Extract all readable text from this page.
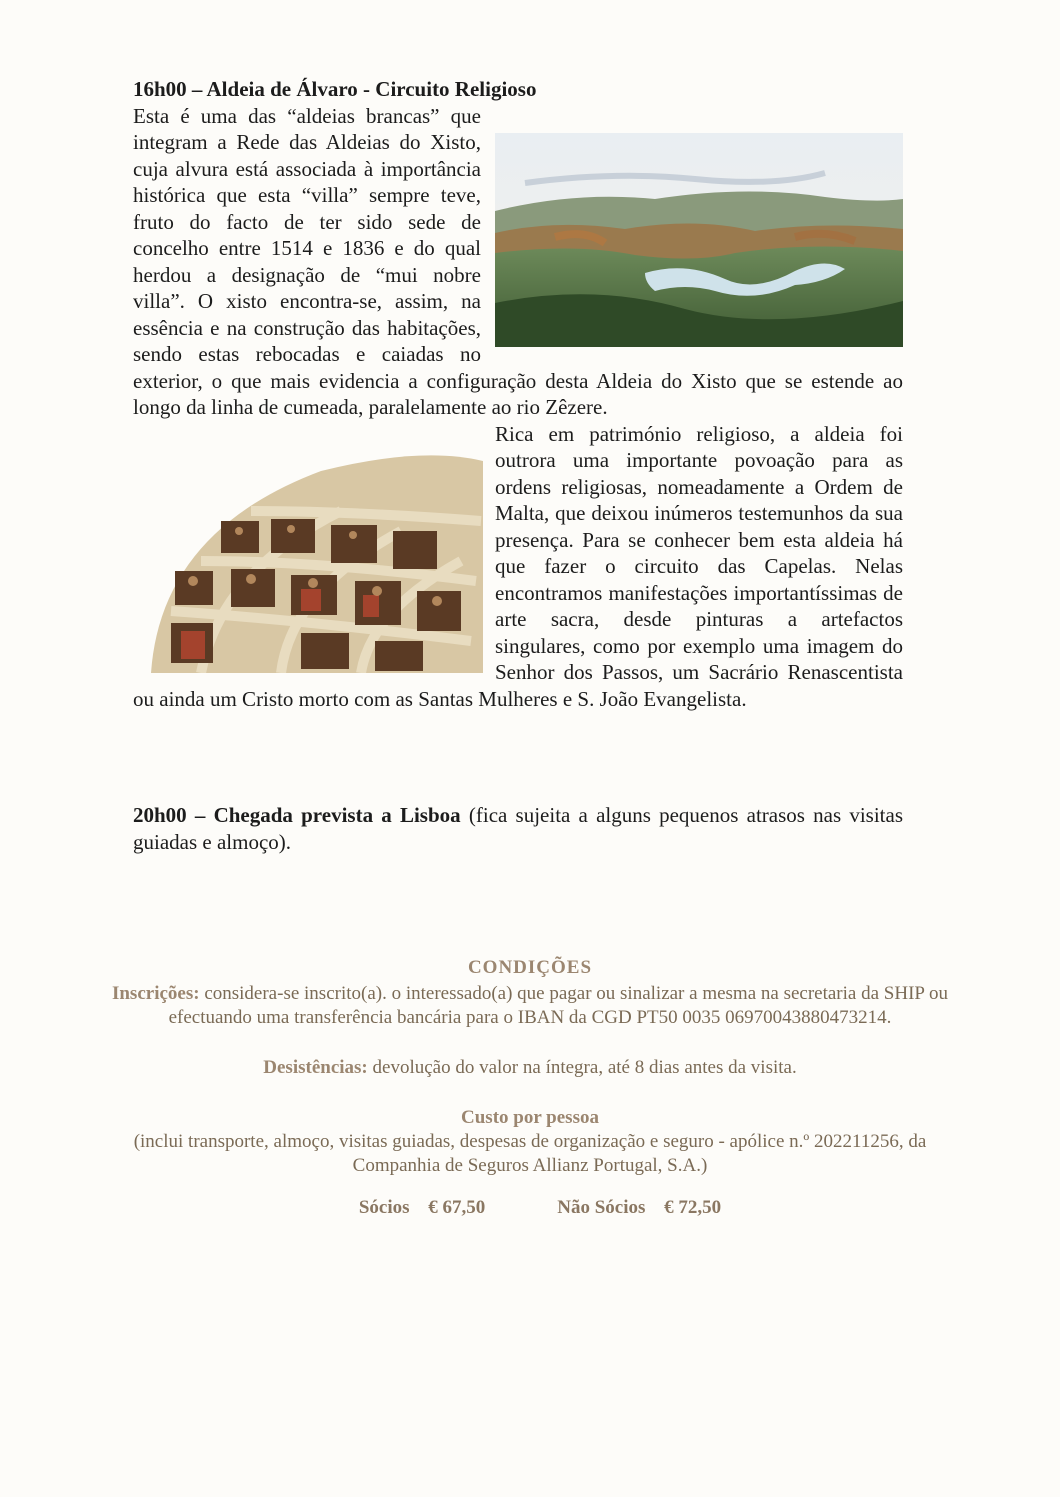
16h00 – Aldeia de Álvaro - Circuito Religioso

Esta é uma das “aldeias brancas” que integram a Rede das Aldeias do Xisto, cuja alvura está associada à importância histórica que esta “villa” sempre teve, fruto do facto de ter sido sede de concelho entre 1514 e 1836 e do qual herdou a designação de “mui nobre villa”. O xisto encontra-se, assim, na essência e na construção das habitações, sendo estas rebocadas e caiadas no exterior, o que mais evidencia a configuração desta Aldeia do Xisto que se estende ao longo da linha de cumeada, paralelamente ao rio Zêzere.

Rica em património religioso, a aldeia foi outrora uma importante povoação para as ordens religiosas, nomeadamente a Ordem de Malta, que deixou inúmeros testemunhos da sua presença. Para se conhecer bem esta aldeia há que fazer o circuito das Capelas. Nelas encontramos manifestações importantíssimas de arte sacra, desde pinturas a artefactos singulares, como por exemplo uma imagem do Senhor dos Passos, um Sacrário Renascentista ou ainda um Cristo morto com as Santas Mulheres e S. João Evangelista.

20h00 – Chegada prevista a Lisboa (fica sujeita a alguns pequenos atrasos nas visitas guiadas e almoço).

CONDIÇÕES
Inscrições: considera-se inscrito(a). o interessado(a) que pagar ou sinalizar a mesma na secretaria da SHIP ou efectuando uma transferência bancária para o IBAN da CGD PT50 0035 06970043880473214.
Desistências: devolução do valor na íntegra, até 8 dias antes da visita.
Custo por pessoa
(inclui transporte, almoço, visitas guiadas, despesas de organização e seguro - apólice n.º 202211256, da Companhia de Seguros Allianz Portugal, S.A.)
Sócios € 67,50	Não Sócios € 72,50
